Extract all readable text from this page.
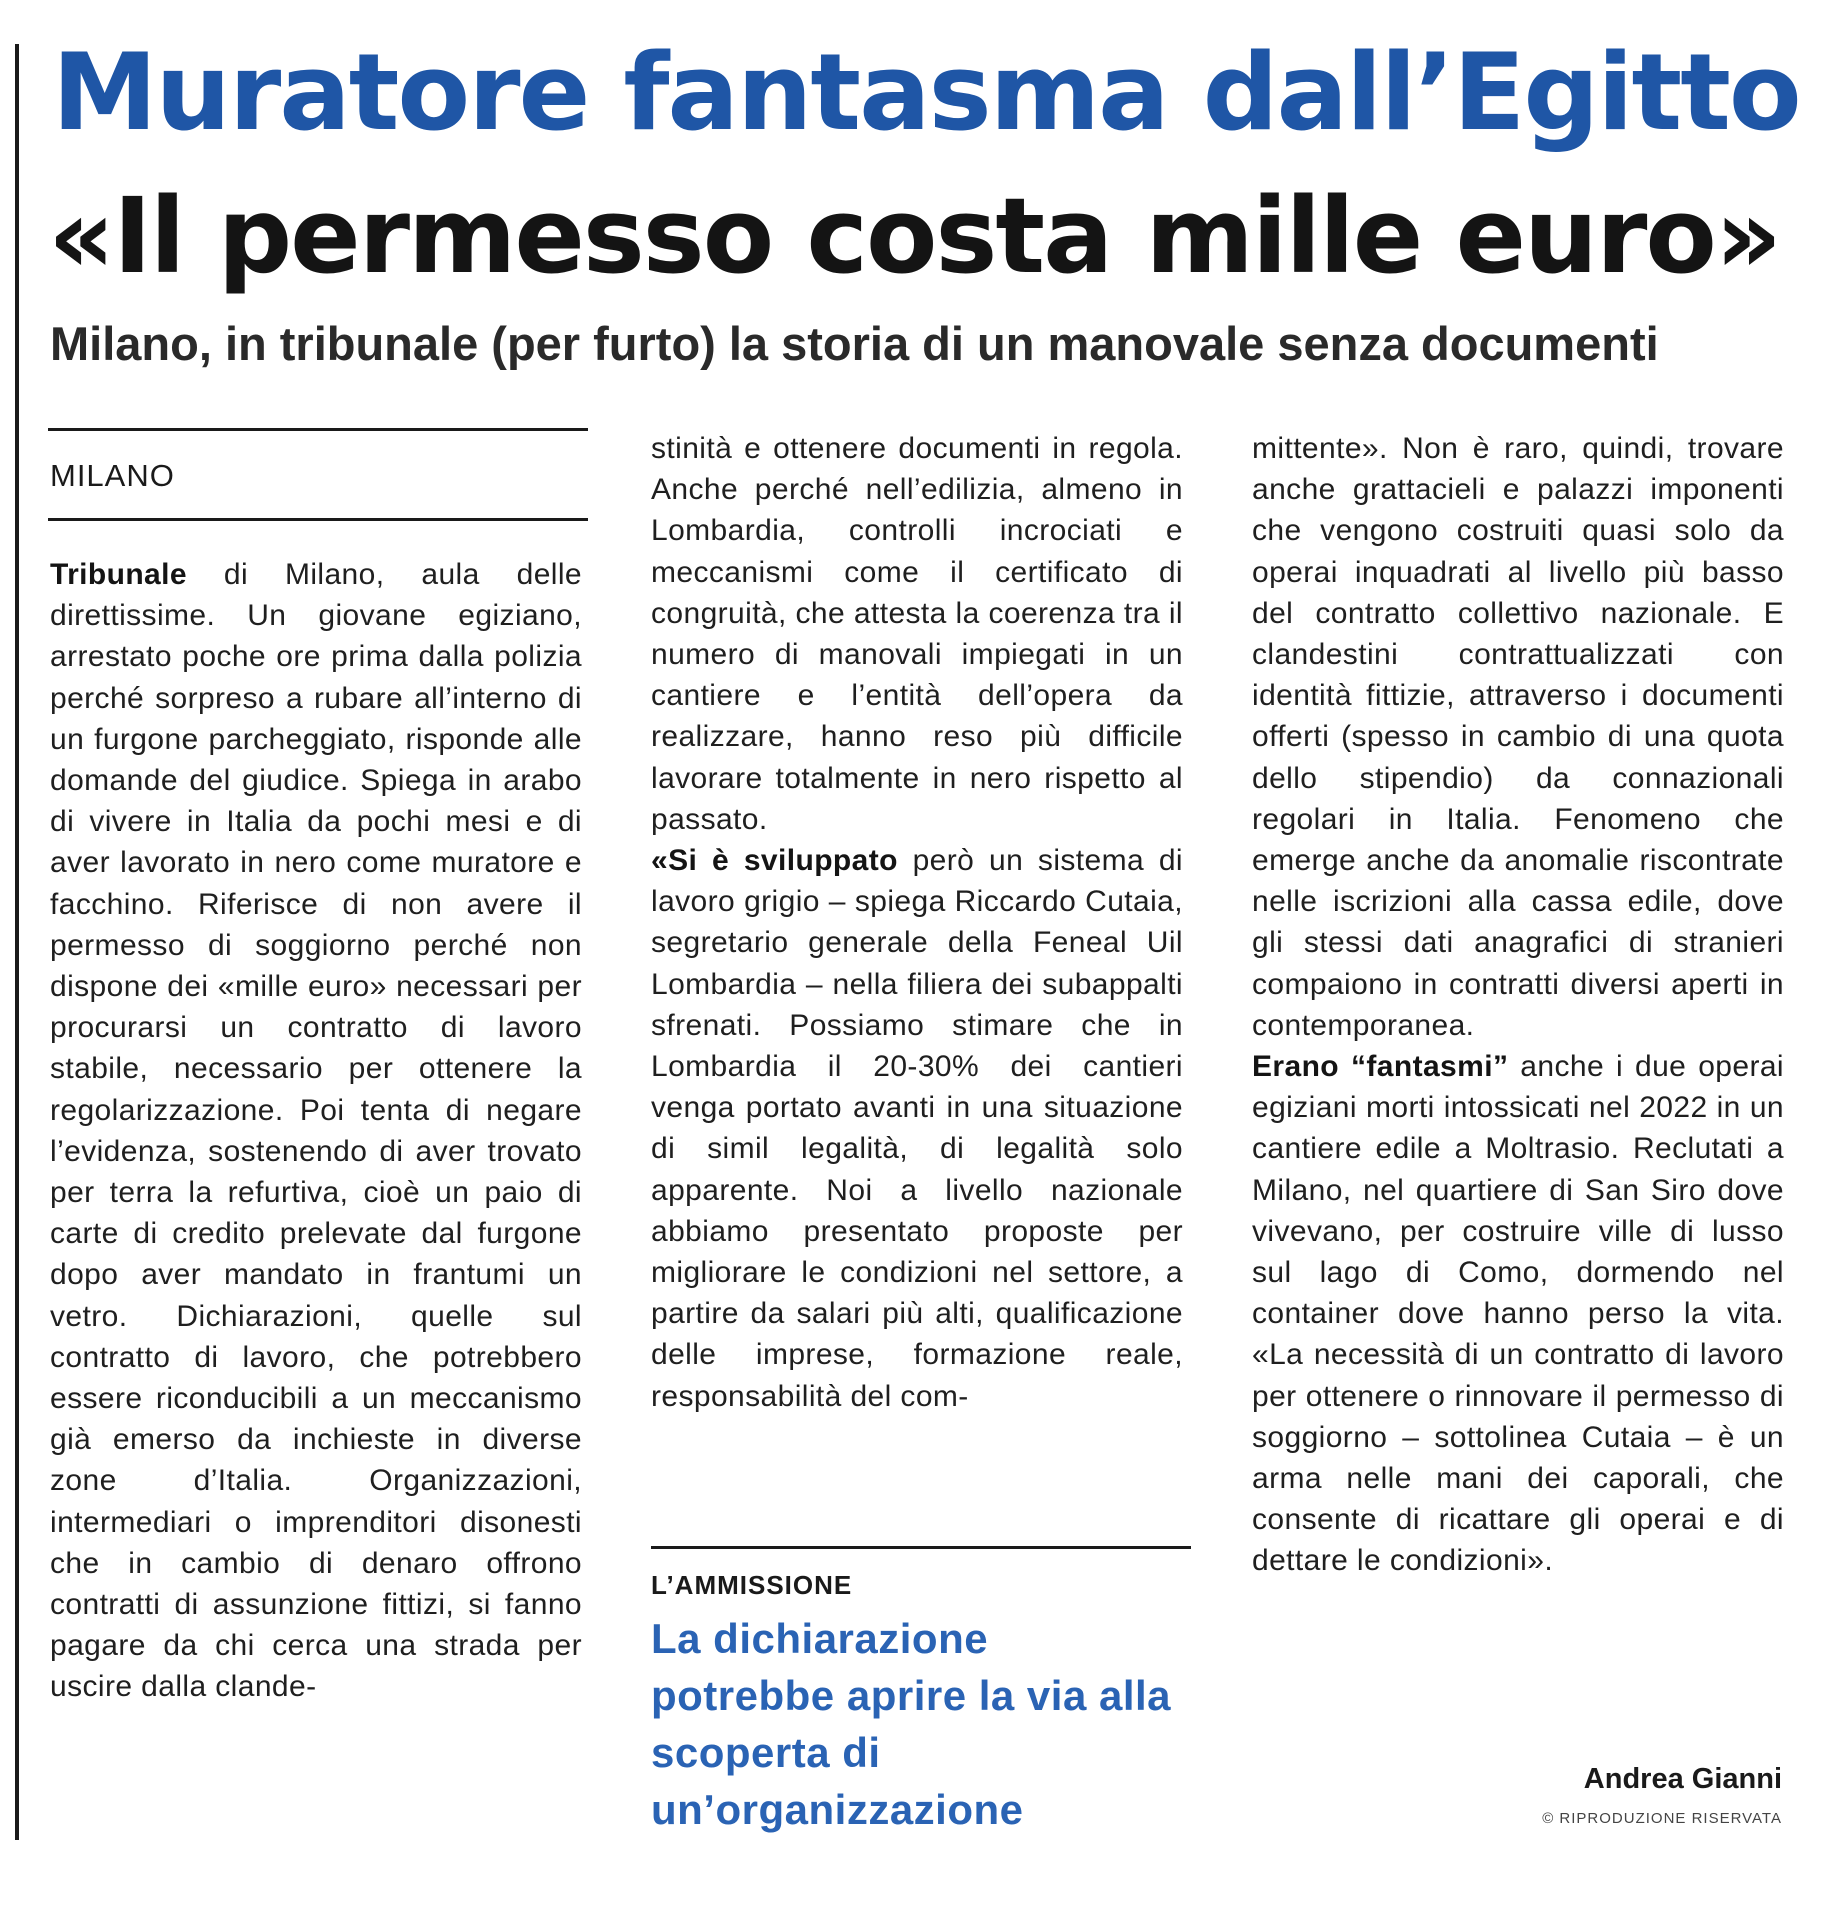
Muratore fantasma dall’Egitto
«Il permesso costa mille euro»
Milano, in tribunale (per furto) la storia di un manovale senza documenti
MILANO

Tribunale di Milano, aula delle direttissime. Un giovane egiziano, arrestato poche ore prima dalla polizia perché sorpreso a rubare all’interno di un furgone parcheggiato, risponde alle domande del giudice. Spiega in arabo di vivere in Italia da pochi mesi e di aver lavorato in nero come muratore e facchino. Riferisce di non avere il permesso di soggiorno perché non dispone dei «mille euro» necessari per procurarsi un contratto di lavoro stabile, necessario per ottenere la regolarizzazione. Poi tenta di negare l’evidenza, sostenendo di aver trovato per terra la refurtiva, cioè un paio di carte di credito prelevate dal furgone dopo aver mandato in frantumi un vetro. Dichiarazioni, quelle sul contratto di lavoro, che potrebbero essere riconducibili a un meccanismo già emerso da inchieste in diverse zone d’Italia. Organizzazioni, intermediari o imprenditori disonesti che in cambio di denaro offrono contratti di assunzione fittizi, si fanno pagare da chi cerca una strada per uscire dalla clande-

stinità e ottenere documenti in regola. Anche perché nell’edilizia, almeno in Lombardia, controlli incrociati e meccanismi come il certificato di congruità, che attesta la coerenza tra il numero di manovali impiegati in un cantiere e l’entità dell’opera da realizzare, hanno reso più difficile lavorare totalmente in nero rispetto al passato.

«Si è sviluppato però un sistema di lavoro grigio – spiega Riccardo Cutaia, segretario generale della Feneal Uil Lombardia – nella filiera dei subappalti sfrenati. Possiamo stimare che in Lombardia il 20-30% dei cantieri venga portato avanti in una situazione di simil legalità, di legalità solo apparente. Noi a livello nazionale abbiamo presentato proposte per migliorare le condizioni nel settore, a partire da salari più alti, qualificazione delle imprese, formazione reale, responsabilità del com-

L’AMMISSIONE
La dichiarazione potrebbe aprire la via alla scoperta di un’organizzazione

mittente». Non è raro, quindi, trovare anche grattacieli e palazzi imponenti che vengono costruiti quasi solo da operai inquadrati al livello più basso del contratto collettivo nazionale. E clandestini contrattualizzati con identità fittizie, attraverso i documenti offerti (spesso in cambio di una quota dello stipendio) da connazionali regolari in Italia. Fenomeno che emerge anche da anomalie riscontrate nelle iscrizioni alla cassa edile, dove gli stessi dati anagrafici di stranieri compaiono in contratti diversi aperti in contemporanea.

Erano “fantasmi” anche i due operai egiziani morti intossicati nel 2022 in un cantiere edile a Moltrasio. Reclutati a Milano, nel quartiere di San Siro dove vivevano, per costruire ville di lusso sul lago di Como, dormendo nel container dove hanno perso la vita. «La necessità di un contratto di lavoro per ottenere o rinnovare il permesso di soggiorno – sottolinea Cutaia – è un arma nelle mani dei caporali, che consente di ricattare gli operai e di dettare le condizioni».

Andrea Gianni
© RIPRODUZIONE RISERVATA
